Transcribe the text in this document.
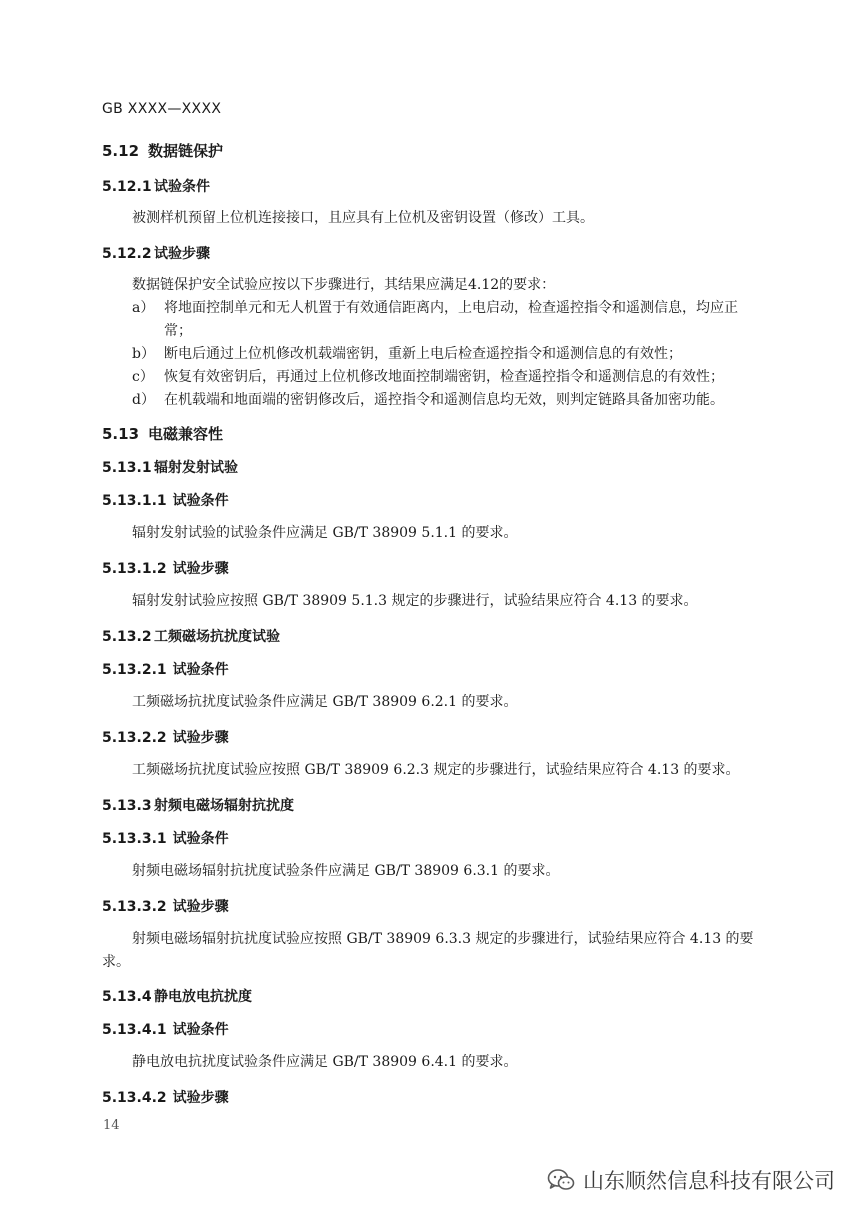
GB XXXX—XXXX
5.12 数据链保护
5.12.1 试验条件
被测样机预留上位机连接接口，且应具有上位机及密钥设置（修改）工具。
5.12.2 试验步骤
数据链保护安全试验应按以下步骤进行，其结果应满足4.12的要求：
a） 将地面控制单元和无人机置于有效通信距离内，上电启动，检查遥控指令和遥测信息，均应正
常；
b） 断电后通过上位机修改机载端密钥，重新上电后检查遥控指令和遥测信息的有效性；
c） 恢复有效密钥后，再通过上位机修改地面控制端密钥，检查遥控指令和遥测信息的有效性；
d） 在机载端和地面端的密钥修改后，遥控指令和遥测信息均无效，则判定链路具备加密功能。
5.13 电磁兼容性
5.13.1 辐射发射试验
5.13.1.1 试验条件
辐射发射试验的试验条件应满足 GB/T 38909 5.1.1 的要求。
5.13.1.2 试验步骤
辐射发射试验应按照 GB/T 38909 5.1.3 规定的步骤进行，试验结果应符合 4.13 的要求。
5.13.2 工频磁场抗扰度试验
5.13.2.1 试验条件
工频磁场抗扰度试验条件应满足 GB/T 38909 6.2.1 的要求。
5.13.2.2 试验步骤
工频磁场抗扰度试验应按照 GB/T 38909 6.2.3 规定的步骤进行，试验结果应符合 4.13 的要求。
5.13.3 射频电磁场辐射抗扰度
5.13.3.1 试验条件
射频电磁场辐射抗扰度试验条件应满足 GB/T 38909 6.3.1 的要求。
5.13.3.2 试验步骤
射频电磁场辐射抗扰度试验应按照 GB/T 38909 6.3.3 规定的步骤进行，试验结果应符合 4.13 的要
求。
5.13.4 静电放电抗扰度
5.13.4.1 试验条件
静电放电抗扰度试验条件应满足 GB/T 38909 6.4.1 的要求。
5.13.4.2 试验步骤
14
山东顺然信息科技有限公司
